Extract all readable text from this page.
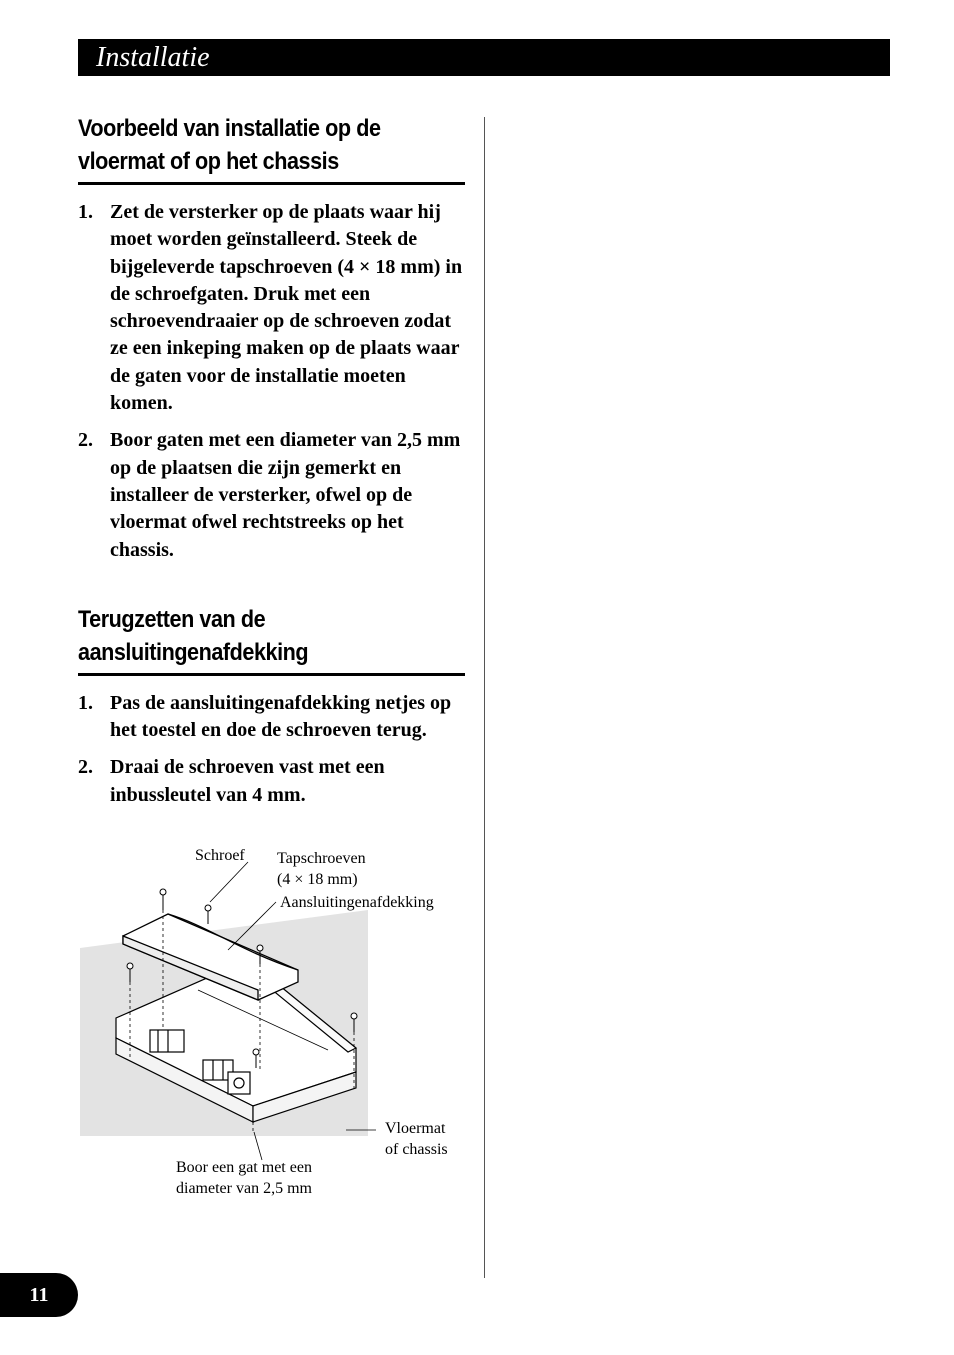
Installatie
Voorbeeld van installatie op de
vloermat of op het chassis
1. Zet de versterker op de plaats waar hij moet worden geïnstalleerd. Steek de bijgeleverde tapschroeven (4 × 18 mm) in de schroefgaten. Druk met een schroevendraaier op de schroeven zodat ze een inkeping maken op de plaats waar de gaten voor de installatie moeten komen.
2. Boor gaten met een diameter van 2,5 mm op de plaatsen die zijn gemerkt en installeer de versterker, ofwel op de vloermat ofwel rechtstreeks op het chassis.
Terugzetten van de
aansluitingenafdekking
1. Pas de aansluitingenafdekking netjes op het toestel en doe de schroeven terug.
2. Draai de schroeven vast met een inbussleutel van 4 mm.
Schroef Tapschroeven
(4 × 18 mm)
Aansluitingenafdekking
Vloermat
of chassis
Boor een gat met een
diameter van 2,5 mm
11
